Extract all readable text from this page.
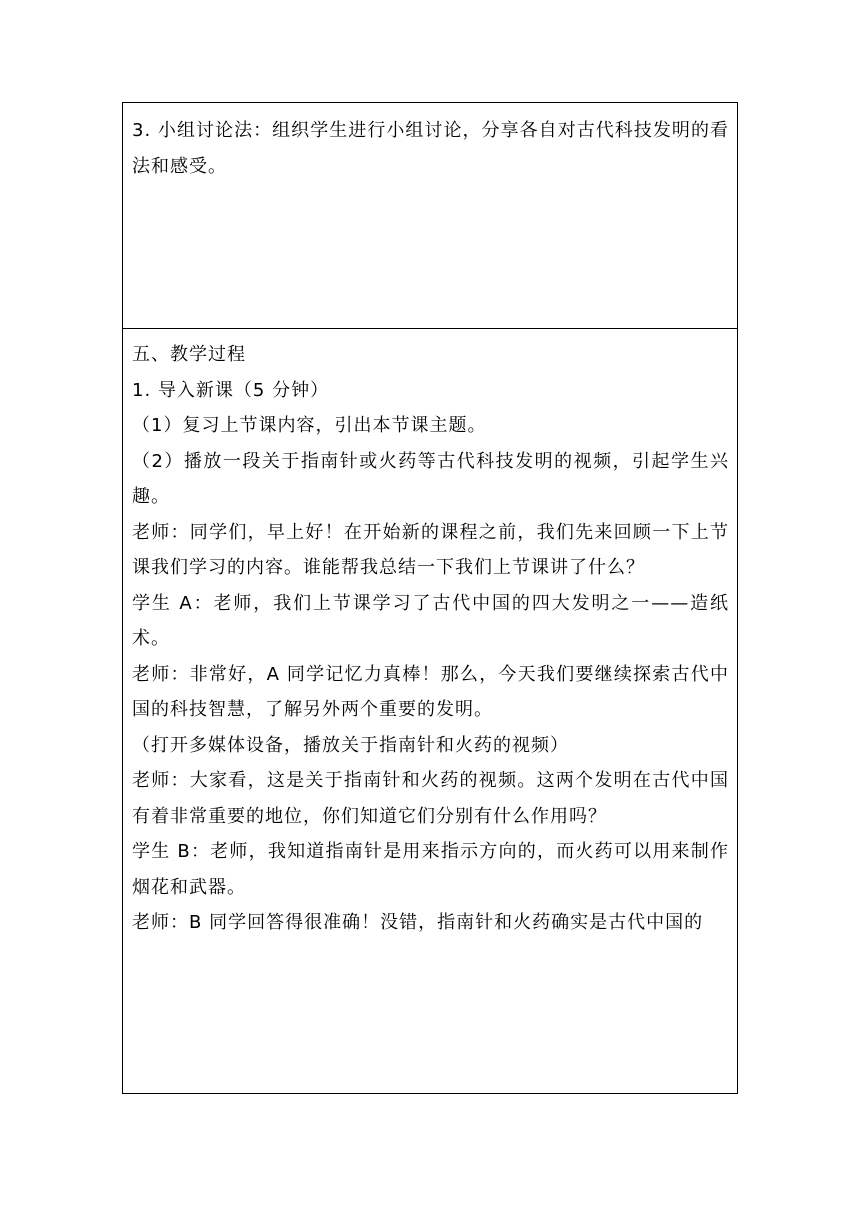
3. 小组讨论法：组织学生进行小组讨论，分享各自对古代科技发明的看法和感受。

五、教学过程

1. 导入新课（5 分钟）

（1）复习上节课内容，引出本节课主题。

（2）播放一段关于指南针或火药等古代科技发明的视频，引起学生兴趣。

老师：同学们，早上好！在开始新的课程之前，我们先来回顾一下上节课我们学习的内容。谁能帮我总结一下我们上节课讲了什么？

学生 A：老师，我们上节课学习了古代中国的四大发明之一——造纸术。

老师：非常好，A 同学记忆力真棒！那么，今天我们要继续探索古代中国的科技智慧，了解另外两个重要的发明。

（打开多媒体设备，播放关于指南针和火药的视频）

老师：大家看，这是关于指南针和火药的视频。这两个发明在古代中国有着非常重要的地位，你们知道它们分别有什么作用吗？

学生 B：老师，我知道指南针是用来指示方向的，而火药可以用来制作烟花和武器。

老师：B 同学回答得很准确！没错，指南针和火药确实是古代中国的
